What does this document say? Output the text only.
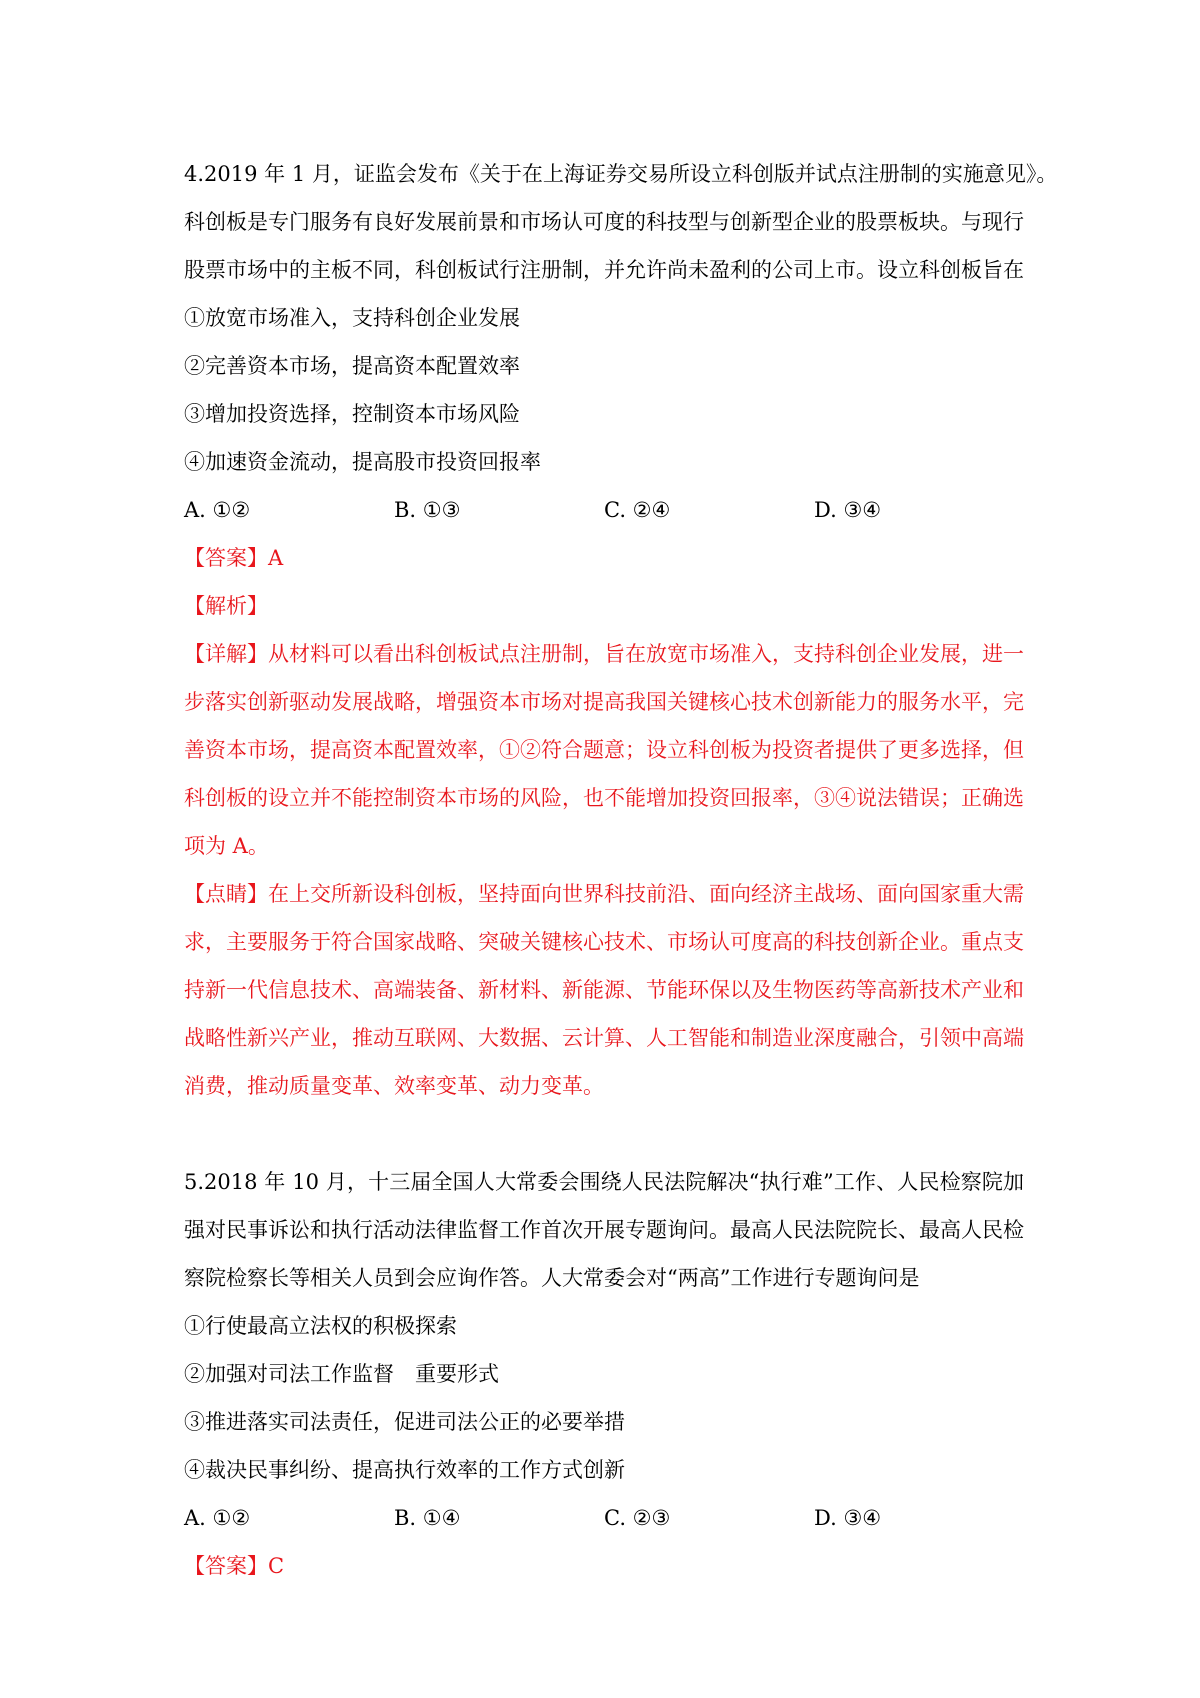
4.2019 年 1 月，证监会发布《关于在上海证券交易所设立科创版并试点注册制的实施意见》。
科创板是专门服务有良好发展前景和市场认可度的科技型与创新型企业的股票板块。与现行
股票市场中的主板不同，科创板试行注册制，并允许尚未盈利的公司上市。设立科创板旨在
①放宽市场准入，支持科创企业发展
②完善资本市场，提高资本配置效率
③增加投资选择，控制资本市场风险
④加速资金流动，提高股市投资回报率
A. ①②	B. ①③	C. ②④	D. ③④
【答案】A
【解析】
【详解】从材料可以看出科创板试点注册制，旨在放宽市场准入，支持科创企业发展，进一
步落实创新驱动发展战略，增强资本市场对提高我国关键核心技术创新能力的服务水平，完
善资本市场，提高资本配置效率，①②符合题意；设立科创板为投资者提供了更多选择，但
科创板的设立并不能控制资本市场的风险，也不能增加投资回报率，③④说法错误；正确选
项为 A。
【点睛】在上交所新设科创板，坚持面向世界科技前沿、面向经济主战场、面向国家重大需
求，主要服务于符合国家战略、突破关键核心技术、市场认可度高的科技创新企业。重点支
持新一代信息技术、高端装备、新材料、新能源、节能环保以及生物医药等高新技术产业和
战略性新兴产业，推动互联网、大数据、云计算、人工智能和制造业深度融合，引领中高端
消费，推动质量变革、效率变革、动力变革。
5.2018 年 10 月，十三届全国人大常委会围绕人民法院解决“执行难”工作、人民检察院加
强对民事诉讼和执行活动法律监督工作首次开展专题询问。最高人民法院院长、最高人民检
察院检察长等相关人员到会应询作答。人大常委会对“两高”工作进行专题询问是
①行使最高立法权的积极探索
②加强对司法工作监督　重要形式
③推进落实司法责任，促进司法公正的必要举措
④裁决民事纠纷、提高执行效率的工作方式创新
A. ①②	B. ①④	C. ②③	D. ③④
【答案】C
